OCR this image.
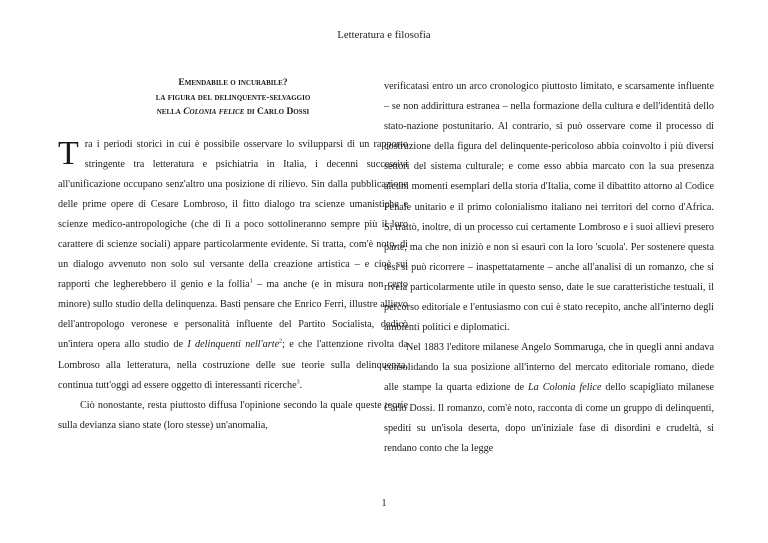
Letteratura e filosofia
Emendabile o incurabile?
la figura del delinquente-selvaggio
nella Colonia felice di Carlo Dossi

Tra i periodi storici in cui è possibile osservare lo svilupparsi di un rapporto stringente tra letteratura e psichiatria in Italia, i decenni successivi all'unificazione occupano senz'altro una posizione di rilievo. Sin dalla pubblicazione delle prime opere di Cesare Lombroso, il fitto dialogo tra scienze umanistiche e scienze medico-antropologiche (che di lì a poco sottolineranno sempre più il loro carattere di scienze sociali) appare particolarmente evidente. Si tratta, com'è noto, di un dialogo avvenuto non solo sul versante della creazione artistica – e cioè sui rapporti che legherebbero il genio e la follia$^1$ – ma anche (e in misura non certo minore) sullo studio della delinquenza. Basti pensare che Enrico Ferri, illustre allievo dell'antropologo veronese e personalità influente del Partito Socialista, dedicò un'intera opera allo studio de I delinquenti nell'arte$^2$; e che l'attenzione rivolta da Lombroso alla letteratura, nella costruzione delle sue teorie sulla delinquenza, continua tutt'oggi ad essere oggetto di interessanti ricerche$^3$.

Ciò nonostante, resta piuttosto diffusa l'opinione secondo la quale queste teorie sulla devianza siano state (loro stesse) un'anomalia,

verificatasi entro un arco cronologico piuttosto limitato, e scarsamente influente – se non addirittura estranea – nella formazione della cultura e dell'identità dello stato-nazione postunitario. Al contrario, si può osservare come il processo di costruzione della figura del delinquente-pericoloso abbia coinvolto i più diversi settori del sistema culturale; e come esso abbia marcato con la sua presenza alcuni momenti esemplari della storia d'Italia, come il dibattito attorno al Codice Penale unitario e il primo colonialismo italiano nei territori del corno d'Africa. Si trattò, inoltre, di un processo cui certamente Lombroso e i suoi allievi presero parte, ma che non iniziò e non si esaurì con la loro 'scuola'. Per sostenere questa tesi si può ricorrere – inaspettatamente – anche all'analisi di un romanzo, che si rivela particolarmente utile in questo senso, date le sue caratteristiche testuali, il percorso editoriale e l'entusiasmo con cui è stato recepito, anche all'interno degli ambienti politici e diplomatici.

Nel 1883 l'editore milanese Angelo Sommaruga, che in quegli anni andava consolidando la sua posizione all'interno del mercato editoriale romano, diede alle stampe la quarta edizione de La Colonia felice dello scapigliato milanese Carlo Dossi. Il romanzo, com'è noto, racconta di come un gruppo di delinquenti, spediti su un'isola deserta, dopo un'iniziale fase di disordini e crudeltà, si rendano conto che la legge

1
